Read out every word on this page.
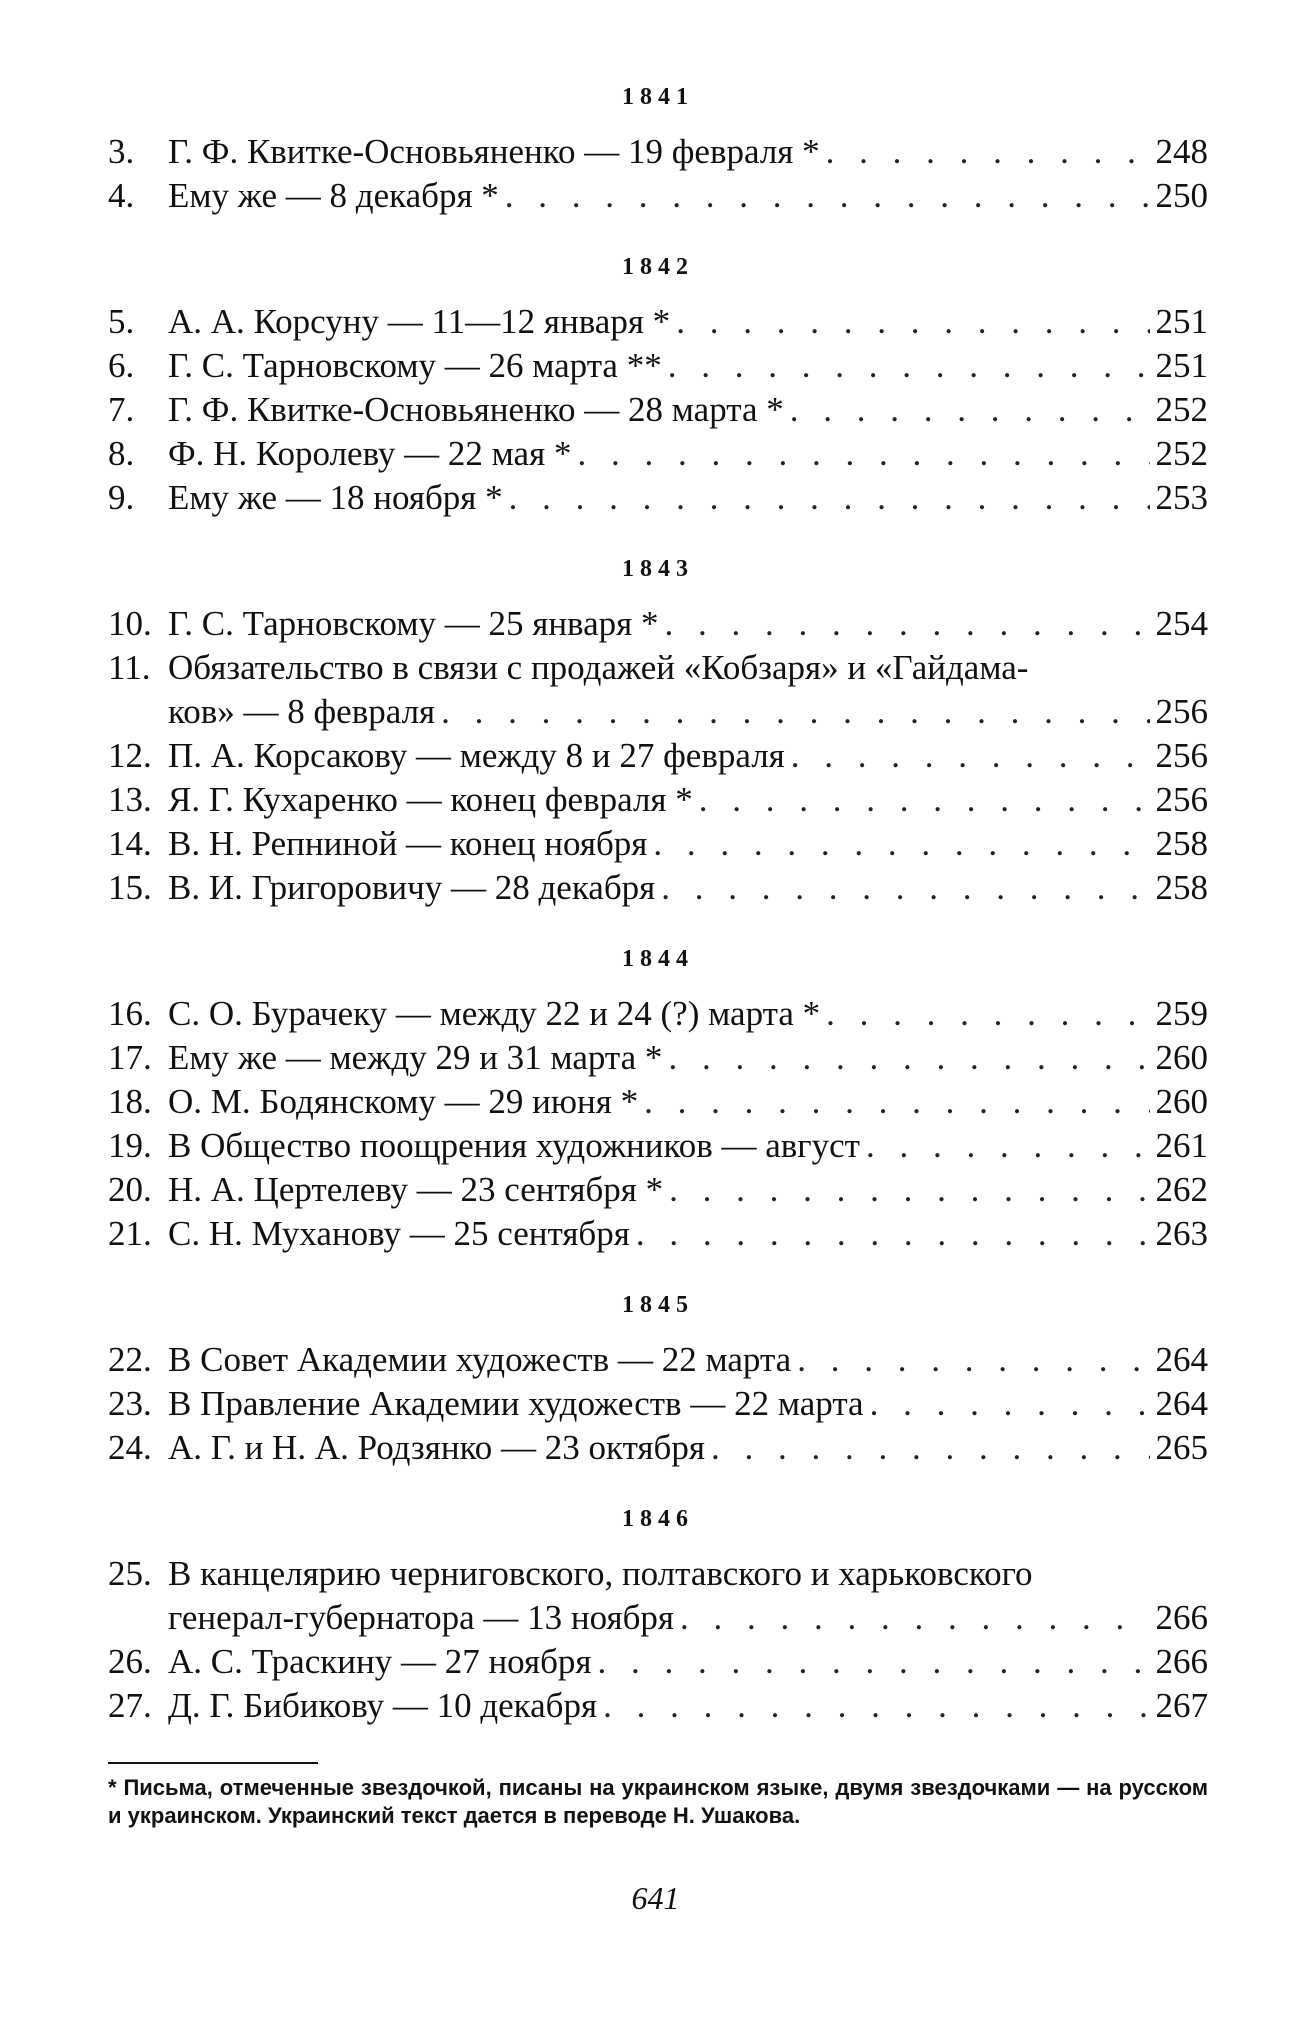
1841
3. Г. Ф. Квитке-Основьяненко — 19 февраля * . . .	248
4. Ему же — 8 декабря * . . .	250
1842
5. А. А. Корсуну — 11—12 января * . . .	251
6. Г. С. Тарновскому — 26 марта ** . . .	251
7. Г. Ф. Квитке-Основьяненко — 28 марта * . . .	252
8. Ф. Н. Королеву — 22 мая * . . .	252
9. Ему же — 18 ноября * . . .	253
1843
10. Г. С. Тарновскому — 25 января * . . .	254
11. Обязательство в связи с продажей «Кобзаря» и «Гайдама-
ков» — 8 февраля . . .	256
12. П. А. Корсакову — между 8 и 27 февраля . . .	256
13. Я. Г. Кухаренко — конец февраля * . . .	256
14. В. Н. Репниной — конец ноября . . .	258
15. В. И. Григоровичу — 28 декабря . . .	258
1844
16. С. О. Бурачеку — между 22 и 24 (?) марта * . . .	259
17. Ему же — между 29 и 31 марта * . . .	260
18. О. М. Бодянскому — 29 июня * . . .	260
19. В Общество поощрения художников — август . . .	261
20. Н. А. Цертелеву — 23 сентября * . . .	262
21. С. Н. Муханову — 25 сентября . . .	263
1845
22. В Совет Академии художеств — 22 марта . . .	264
23. В Правление Академии художеств — 22 марта . . .	264
24. А. Г. и Н. А. Родзянко — 23 октября . . .	265
1846
25. В канцелярию черниговского, полтавского и харьковского
генерал-губернатора — 13 ноября . . .	266
26. А. С. Траскину — 27 ноября . . .	266
27. Д. Г. Бибикову — 10 декабря . . .	267
* Письма, отмеченные звездочкой, писаны на украинском языке, двумя звездочками — на русском и украинском. Украинский текст дается в переводе Н. Ушакова.
641
